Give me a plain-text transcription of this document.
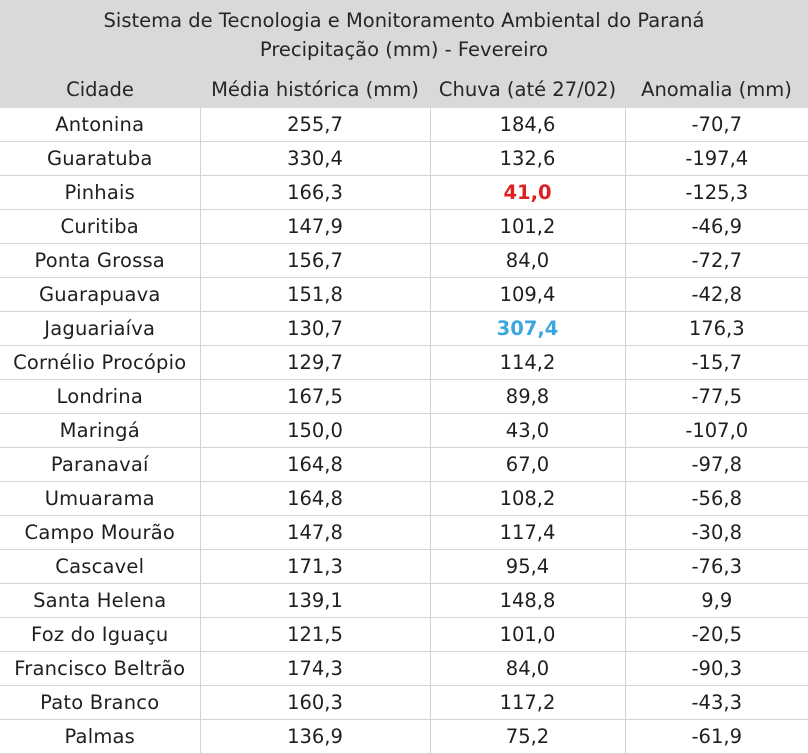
Sistema de Tecnologia e Monitoramento Ambiental do Paraná
Precipitação (mm) - Fevereiro
Cidade	Média histórica (mm)	Chuva (até 27/02)	Anomalia (mm)
Antonina	255,7	184,6	-70,7
Guaratuba	330,4	132,6	-197,4
Pinhais	166,3	41,0	-125,3
Curitiba	147,9	101,2	-46,9
Ponta Grossa	156,7	84,0	-72,7
Guarapuava	151,8	109,4	-42,8
Jaguariaíva	130,7	307,4	176,3
Cornélio Procópio	129,7	114,2	-15,7
Londrina	167,5	89,8	-77,5
Maringá	150,0	43,0	-107,0
Paranavaí	164,8	67,0	-97,8
Umuarama	164,8	108,2	-56,8
Campo Mourão	147,8	117,4	-30,8
Cascavel	171,3	95,4	-76,3
Santa Helena	139,1	148,8	9,9
Foz do Iguaçu	121,5	101,0	-20,5
Francisco Beltrão	174,3	84,0	-90,3
Pato Branco	160,3	117,2	-43,3
Palmas	136,9	75,2	-61,9
